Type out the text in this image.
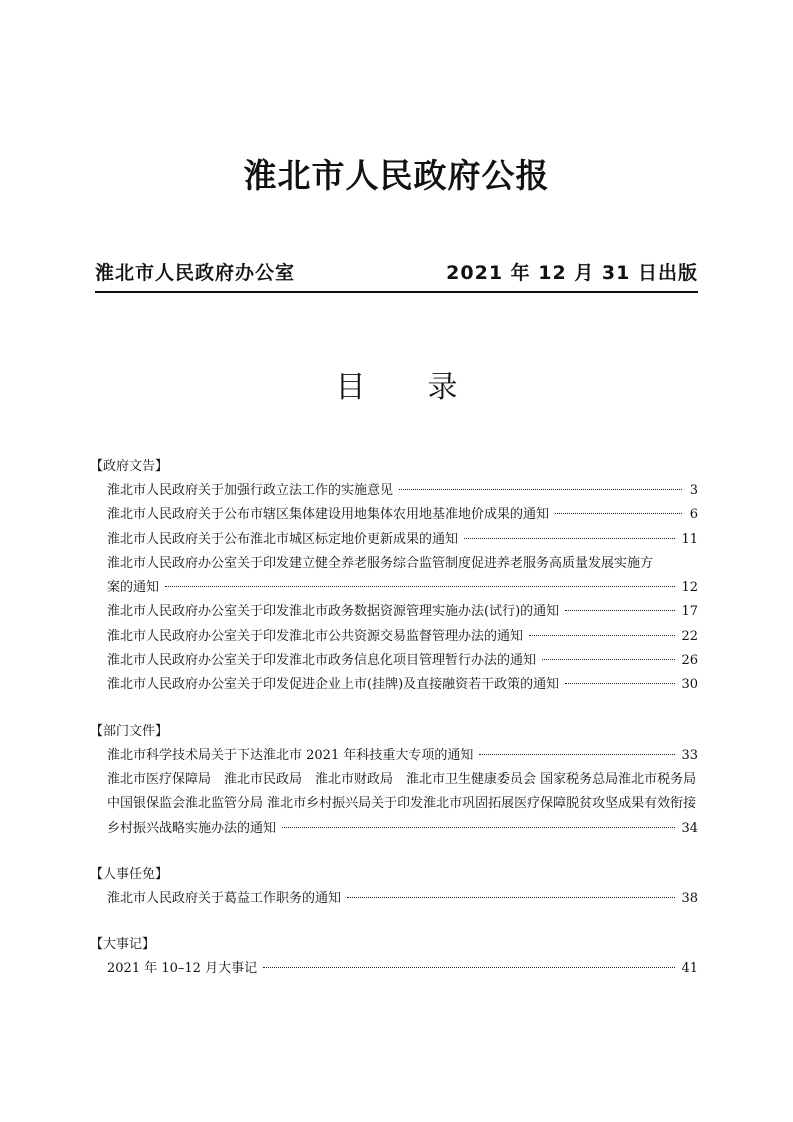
淮北市人民政府公报
淮北市人民政府办公室	2021 年 12 月 31 日出版
目 录
【政府文告】
淮北市人民政府关于加强行政立法工作的实施意见	3
淮北市人民政府关于公布市辖区集体建设用地集体农用地基准地价成果的通知	6
淮北市人民政府关于公布淮北市城区标定地价更新成果的通知	11
淮北市人民政府办公室关于印发建立健全养老服务综合监管制度促进养老服务高质量发展实施方
案的通知	12
淮北市人民政府办公室关于印发淮北市政务数据资源管理实施办法(试行)的通知	17
淮北市人民政府办公室关于印发淮北市公共资源交易监督管理办法的通知	22
淮北市人民政府办公室关于印发淮北市政务信息化项目管理暂行办法的通知	26
淮北市人民政府办公室关于印发促进企业上市(挂牌)及直接融资若干政策的通知	30
【部门文件】
淮北市科学技术局关于下达淮北市 2021 年科技重大专项的通知	33
淮北市医疗保障局　淮北市民政局　淮北市财政局　淮北市卫生健康委员会 国家税务总局淮北市税务局
中国银保监会淮北监管分局 淮北市乡村振兴局关于印发淮北市巩固拓展医疗保障脱贫攻坚成果有效衔接
乡村振兴战略实施办法的通知	34
【人事任免】
淮北市人民政府关于葛益工作职务的通知	38
【大事记】
2021 年 10–12 月大事记	41
